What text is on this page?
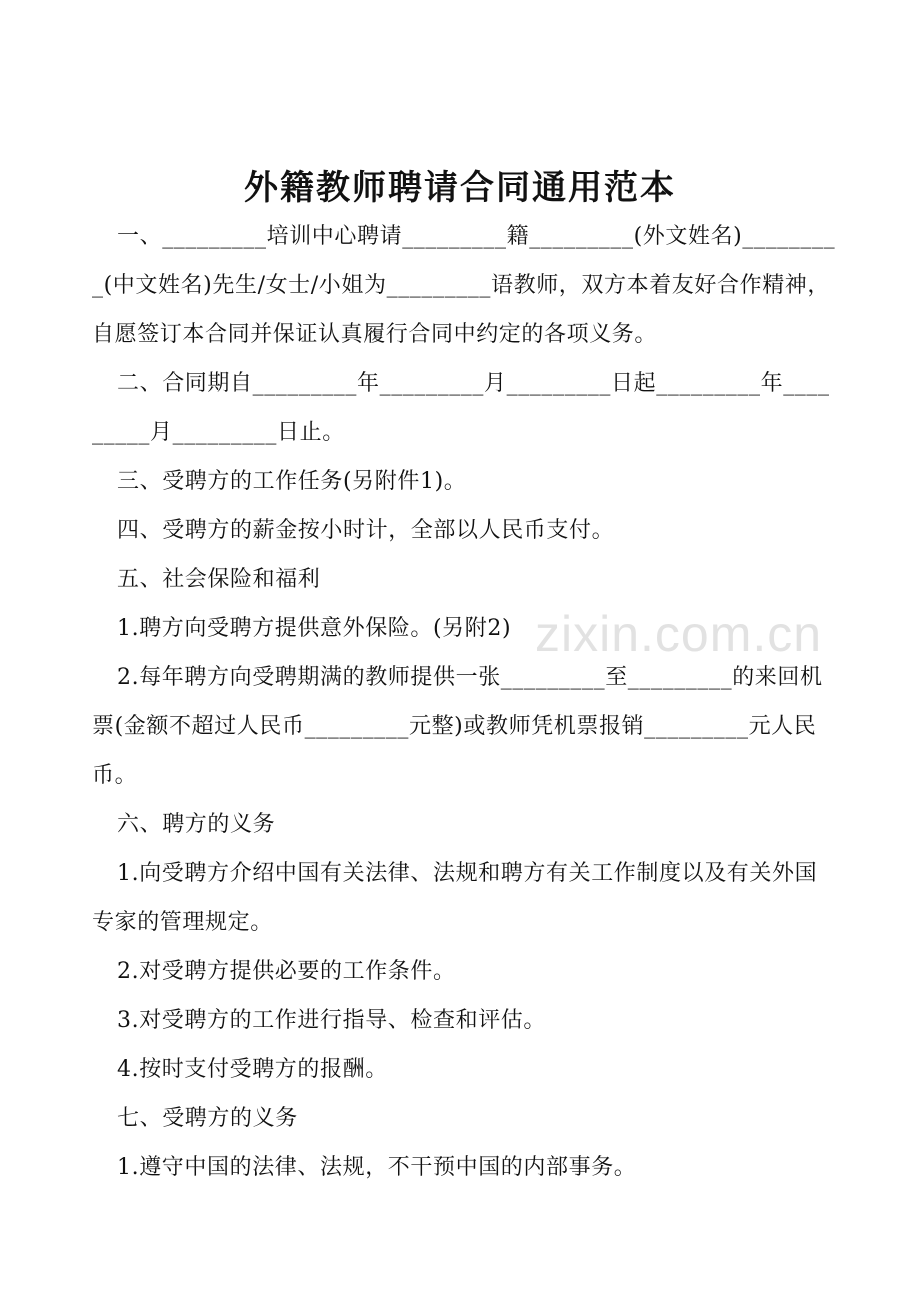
外籍教师聘请合同通用范本

一、_________培训中心聘请_________籍_________(外文姓名)_________(中文姓名)先生/女士/小姐为_________语教师，双方本着友好合作精神，自愿签订本合同并保证认真履行合同中约定的各项义务。

二、合同期自_________年_________月_________日起_________年_________月_________日止。

三、受聘方的工作任务(另附件1)。

四、受聘方的薪金按小时计，全部以人民币支付。

五、社会保险和福利

1.聘方向受聘方提供意外保险。(另附2)

2.每年聘方向受聘期满的教师提供一张_________至_________的来回机票(金额不超过人民币_________元整)或教师凭机票报销_________元人民币。

六、聘方的义务

1.向受聘方介绍中国有关法律、法规和聘方有关工作制度以及有关外国专家的管理规定。

2.对受聘方提供必要的工作条件。

3.对受聘方的工作进行指导、检查和评估。

4.按时支付受聘方的报酬。

七、受聘方的义务

1.遵守中国的法律、法规，不干预中国的内部事务。

zixin.com.cn
